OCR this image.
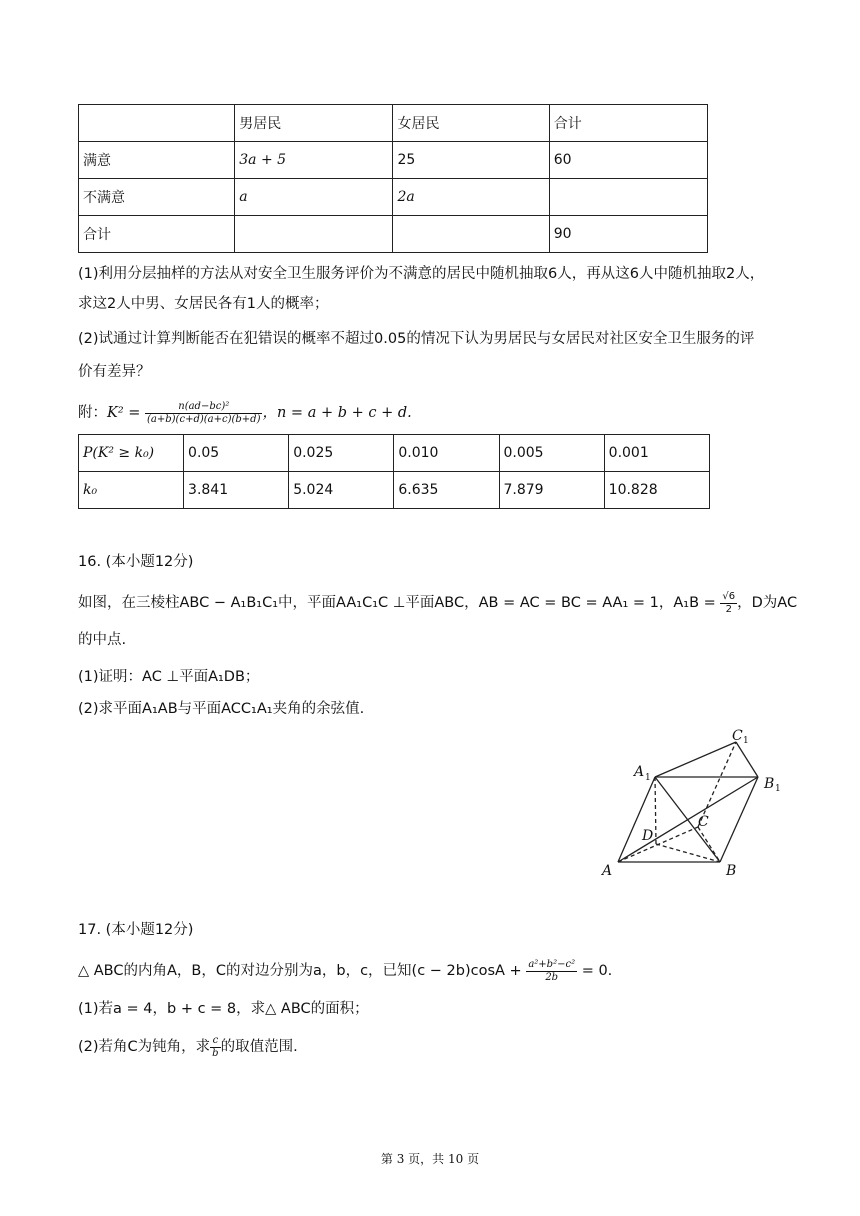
	男居民	女居民	合计
满意	3a + 5	25	60
不满意	a	2a	
合计			90
(1)利用分层抽样的方法从对安全卫生服务评价为不满意的居民中随机抽取6人，再从这6人中随机抽取2人，
求这2人中男、女居民各有1人的概率；
(2)试通过计算判断能否在犯错误的概率不超过0.05的情况下认为男居民与女居民对社区安全卫生服务的评
价有差异？
附：$K^2 = \frac{\text{n(ad−bc)²}}{(a+b)(c+d)(a+c)(b+d)}$ ，n = a + b + c + d.
P(K² ≥ k₀)	0.05	0.025	0.010	0.005	0.001
k₀	3.841	5.024	6.635	7.879	10.828
16. (本小题12分)
如图，在三棱柱ABC − A₁B₁C₁中，平面AA₁C₁C ⊥平面ABC，AB = AC = BC = AA₁ = 1，$A_1B = \frac{√6}{2}$ ，D为AC
的中点.
(1)证明：AC ⊥平面A₁DB；
(2)求平面A₁AB与平面ACC₁A₁夹角的余弦值.
A	B
C
D
A 1	B 1
C 1
17. (本小题12分)
△ ABC的内角A，B，C的对边分别为a，b，c，已知$(c - 2b)\cos A + \frac{\text{a²+b²−c²}}{2b} = 0$.
(1)若a = 4，b + c = 8，求△ ABC的面积；
(2)若角C为钝角，求 $\frac{c}{b}$ 的取值范围.
第 3 页，共 10 页
